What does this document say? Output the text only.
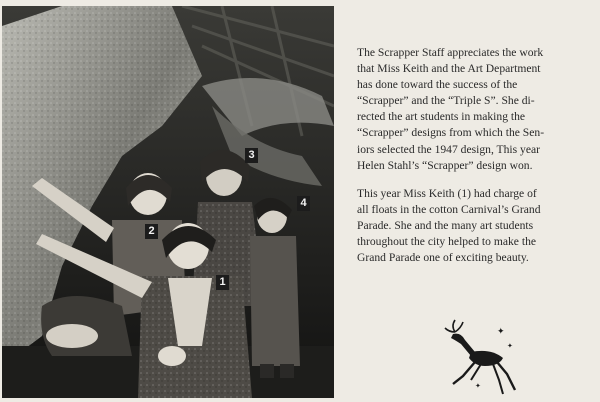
1
2
3
4

The Scrapper Staff appreciates the work
that Miss Keith and the Art Department
has done toward the success of the
“Scrapper” and the “Triple S”. She di-
rected the art students in making the
“Scrapper” designs from which the Sen-
iors selected the 1947 design, This year
Helen Stahl’s “Scrapper” design won.

This year Miss Keith (1) had charge of
all floats in the cotton Carnival’s Grand
Parade. She and the many art students
throughout the city helped to make the
Grand Parade one of exciting beauty.

✦
✦
✦
